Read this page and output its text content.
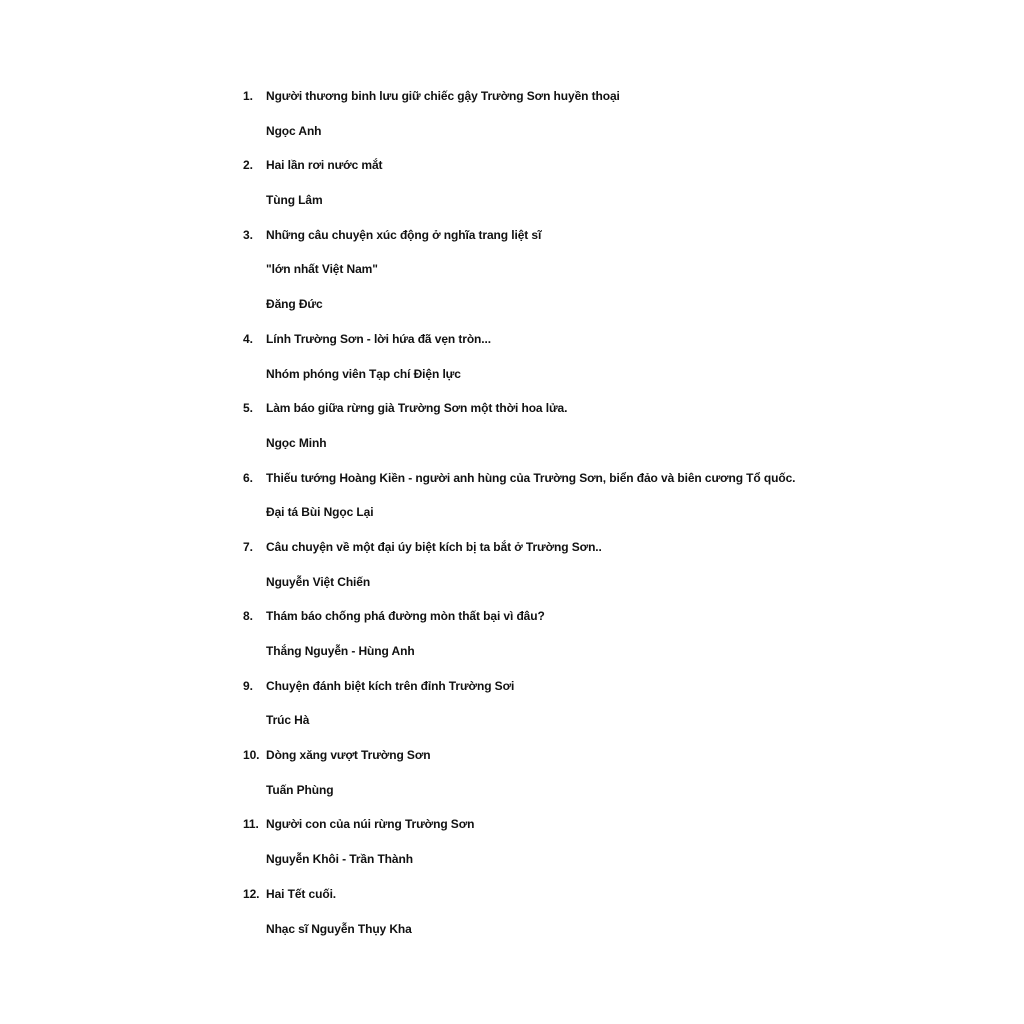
1. Người thương binh lưu giữ chiếc gậy Trường Sơn huyền thoại
Ngọc Anh
2. Hai lần rơi nước mắt
Tùng Lâm
3. Những câu chuyện xúc động ở nghĩa trang liệt sĩ
"lớn nhất Việt Nam"
Đăng Đức
4. Lính Trường Sơn - lời hứa đã vẹn tròn...
Nhóm phóng viên Tạp chí Điện lực
5. Làm báo giữa rừng già Trường Sơn một thời hoa lửa.
Ngọc Minh
6. Thiếu tướng Hoàng Kiền - người anh hùng của Trường Sơn, biển đảo và biên cương Tổ quốc.
Đại tá Bùi Ngọc Lại
7. Câu chuyện về một đại úy biệt kích bị ta bắt ở Trường Sơn..
Nguyễn Việt Chiến
8. Thám báo chống phá đường mòn thất bại vì đâu?
Thắng Nguyễn - Hùng Anh
9. Chuyện đánh biệt kích trên đỉnh Trường Sơi
Trúc Hà
10. Dòng xăng vượt Trường Sơn
Tuấn Phùng
11. Người con của núi rừng Trường Sơn
Nguyễn Khôi - Trần Thành
12. Hai Tết cuối.
Nhạc sĩ Nguyễn Thụy Kha
